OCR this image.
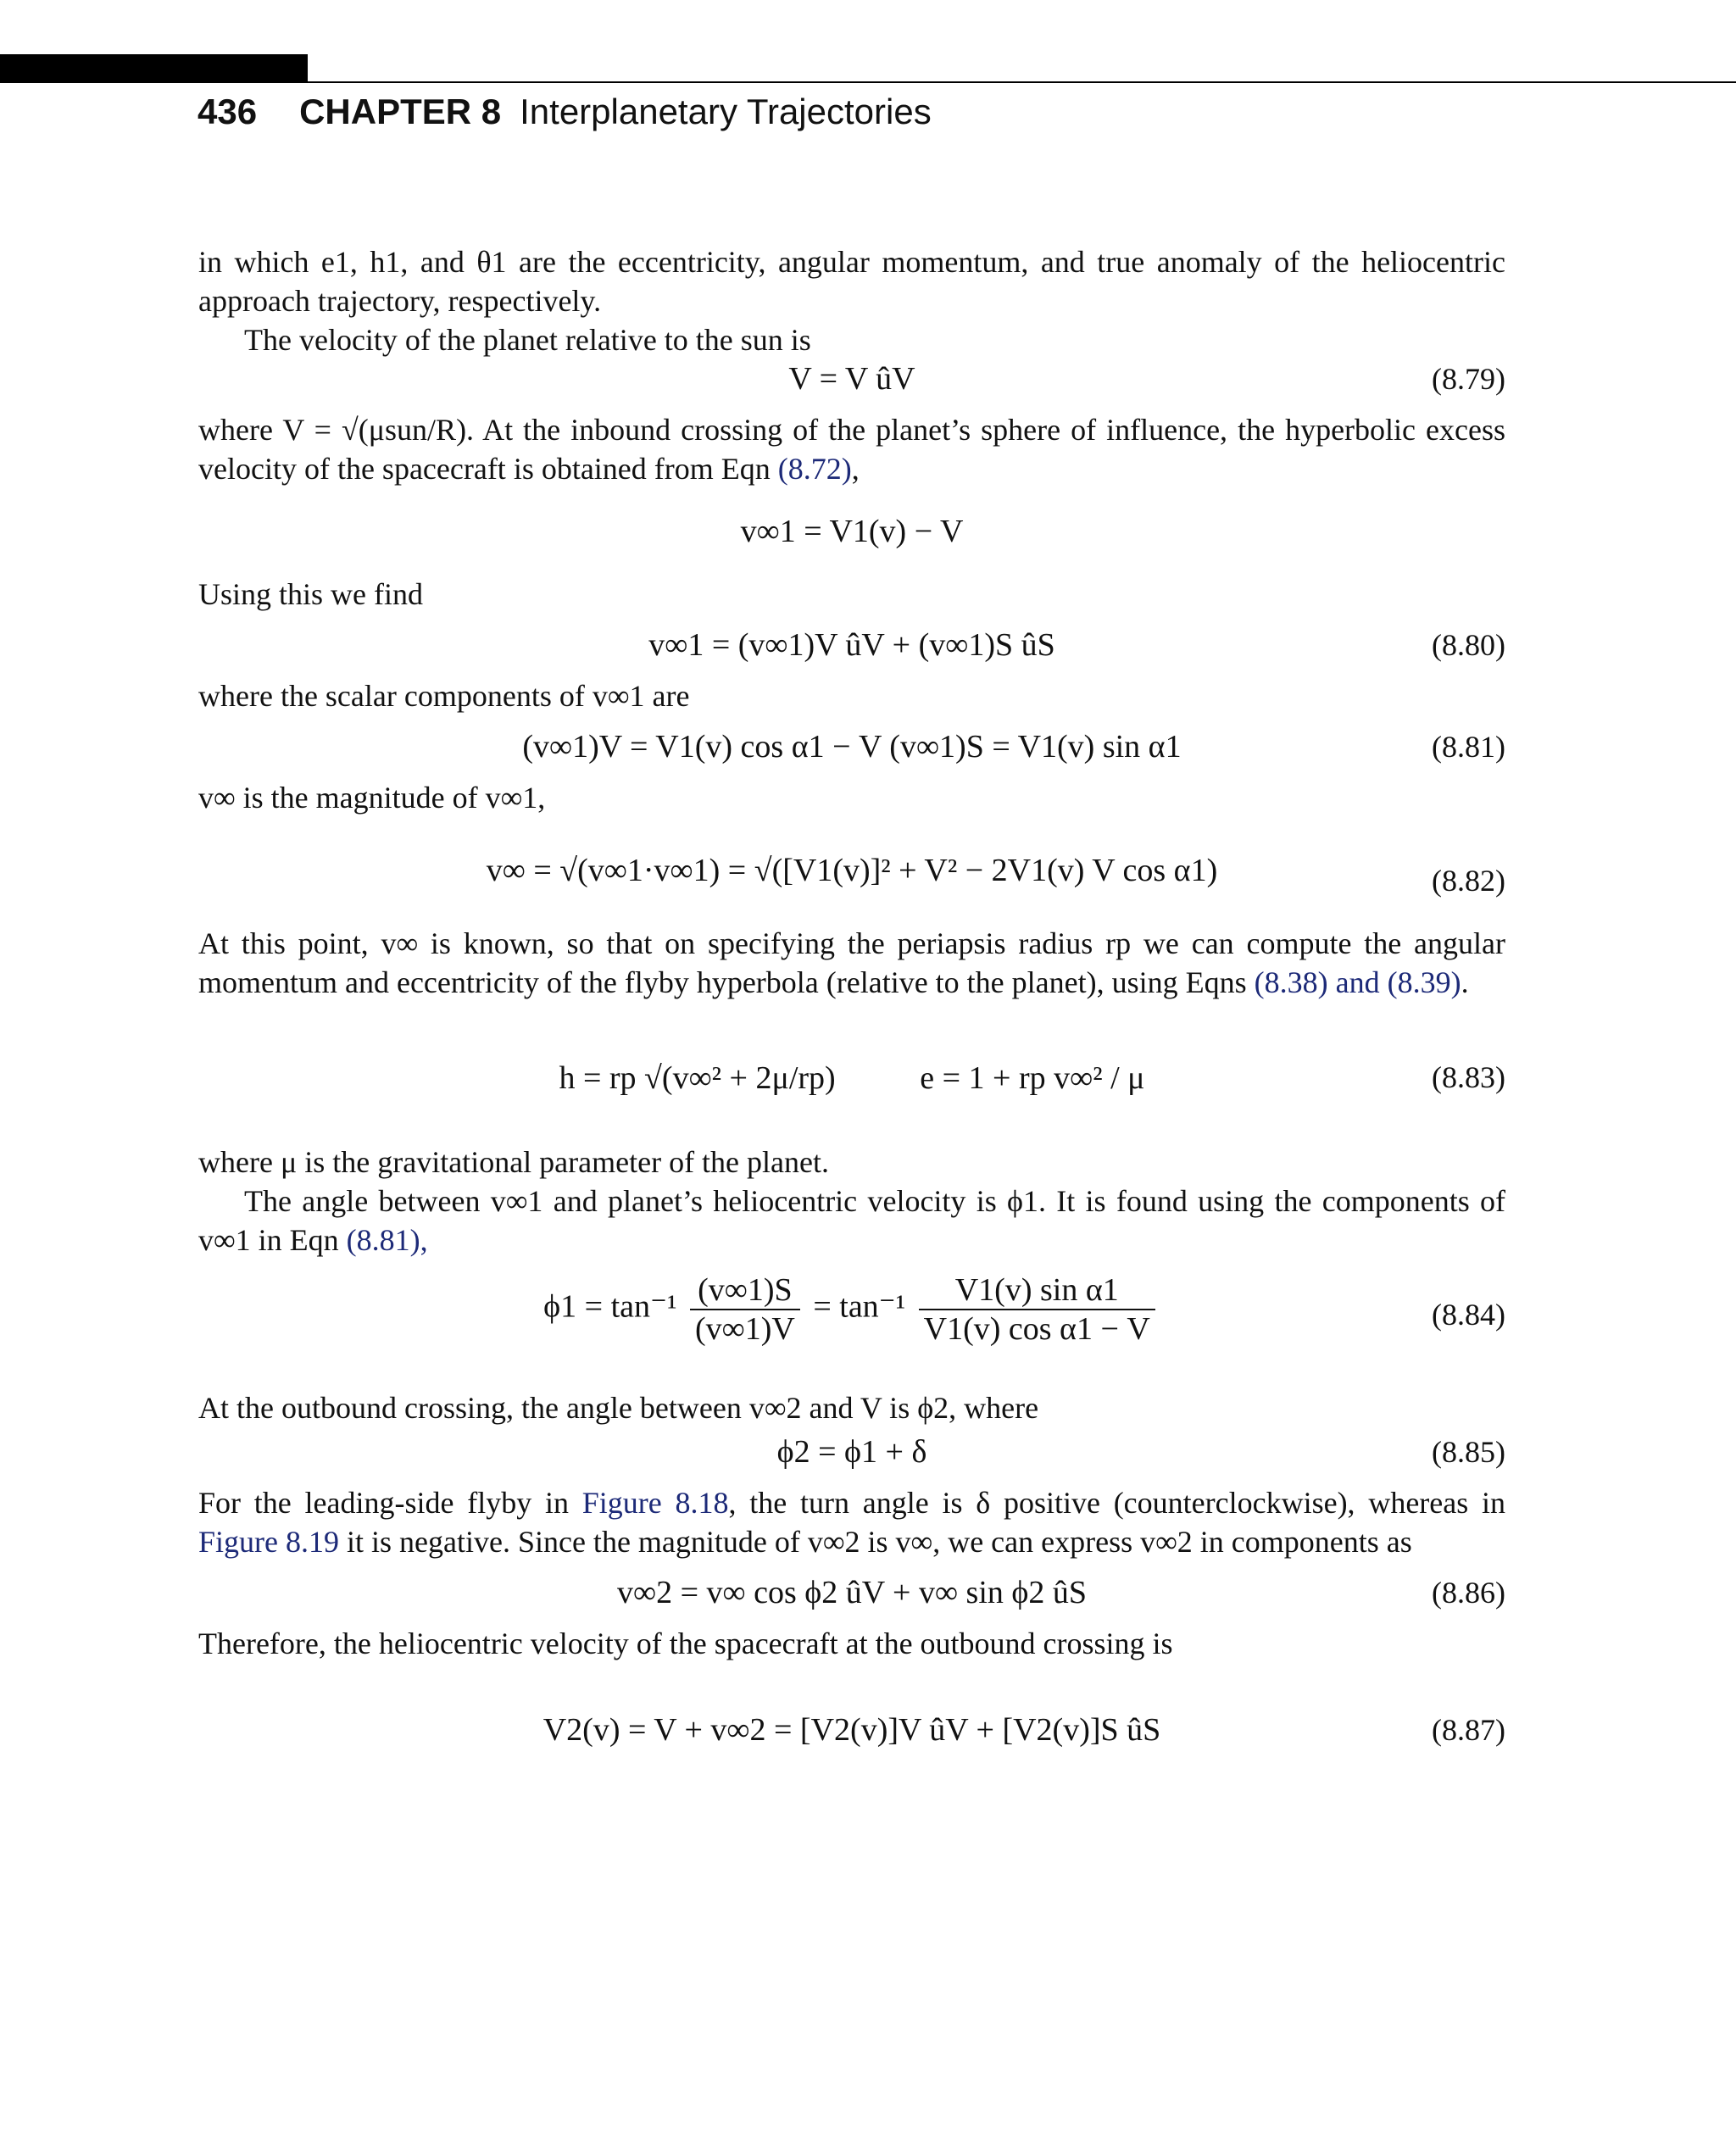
436 CHAPTER 8 Interplanetary Trajectories

in which e1, h1, and θ1 are the eccentricity, angular momentum, and true anomaly of the heliocentric approach trajectory, respectively.

The velocity of the planet relative to the sun is

V = V ûV	(8.79)

where V = √(μsun/R). At the inbound crossing of the planet’s sphere of influence, the hyperbolic excess velocity of the spacecraft is obtained from Eqn (8.72),

v∞1 = V1(v) − V

Using this we find

v∞1 = (v∞1)V ûV + (v∞1)S ûS	(8.80)

where the scalar components of v∞1 are

(v∞1)V = V1(v) cos α1 − V (v∞1)S = V1(v) sin α1	(8.81)

v∞ is the magnitude of v∞1,

v∞ = √(v∞1·v∞1) = √([V1(v)]² + V² − 2V1(v) V cos α1)	(8.82)

At this point, v∞ is known, so that on specifying the periapsis radius rp we can compute the angular momentum and eccentricity of the flyby hyperbola (relative to the planet), using Eqns (8.38) and (8.39).

h = rp √(v∞² + 2μ/rp)	e = 1 + rp v∞² / μ	(8.83)

where μ is the gravitational parameter of the planet.

The angle between v∞1 and planet’s heliocentric velocity is ϕ1. It is found using the components of v∞1 in Eqn (8.81),

$\phi 1 = \tan^{-1} \frac{(v\infty 1)S}{(v\infty 1)V} = \tan^{-1} \frac{\text{V1(v) sin α1}}{\text{V1(v) cos α1 − V}}$	(8.84)

At the outbound crossing, the angle between v∞2 and V is ϕ2, where

ϕ2 = ϕ1 + δ	(8.85)

For the leading-side flyby in Figure 8.18, the turn angle is δ positive (counterclockwise), whereas in Figure 8.19 it is negative. Since the magnitude of v∞2 is v∞, we can express v∞2 in components as

v∞2 = v∞ cos ϕ2 ûV + v∞ sin ϕ2 ûS	(8.86)

Therefore, the heliocentric velocity of the spacecraft at the outbound crossing is

V2(v) = V + v∞2 = [V2(v)]V ûV + [V2(v)]S ûS	(8.87)
